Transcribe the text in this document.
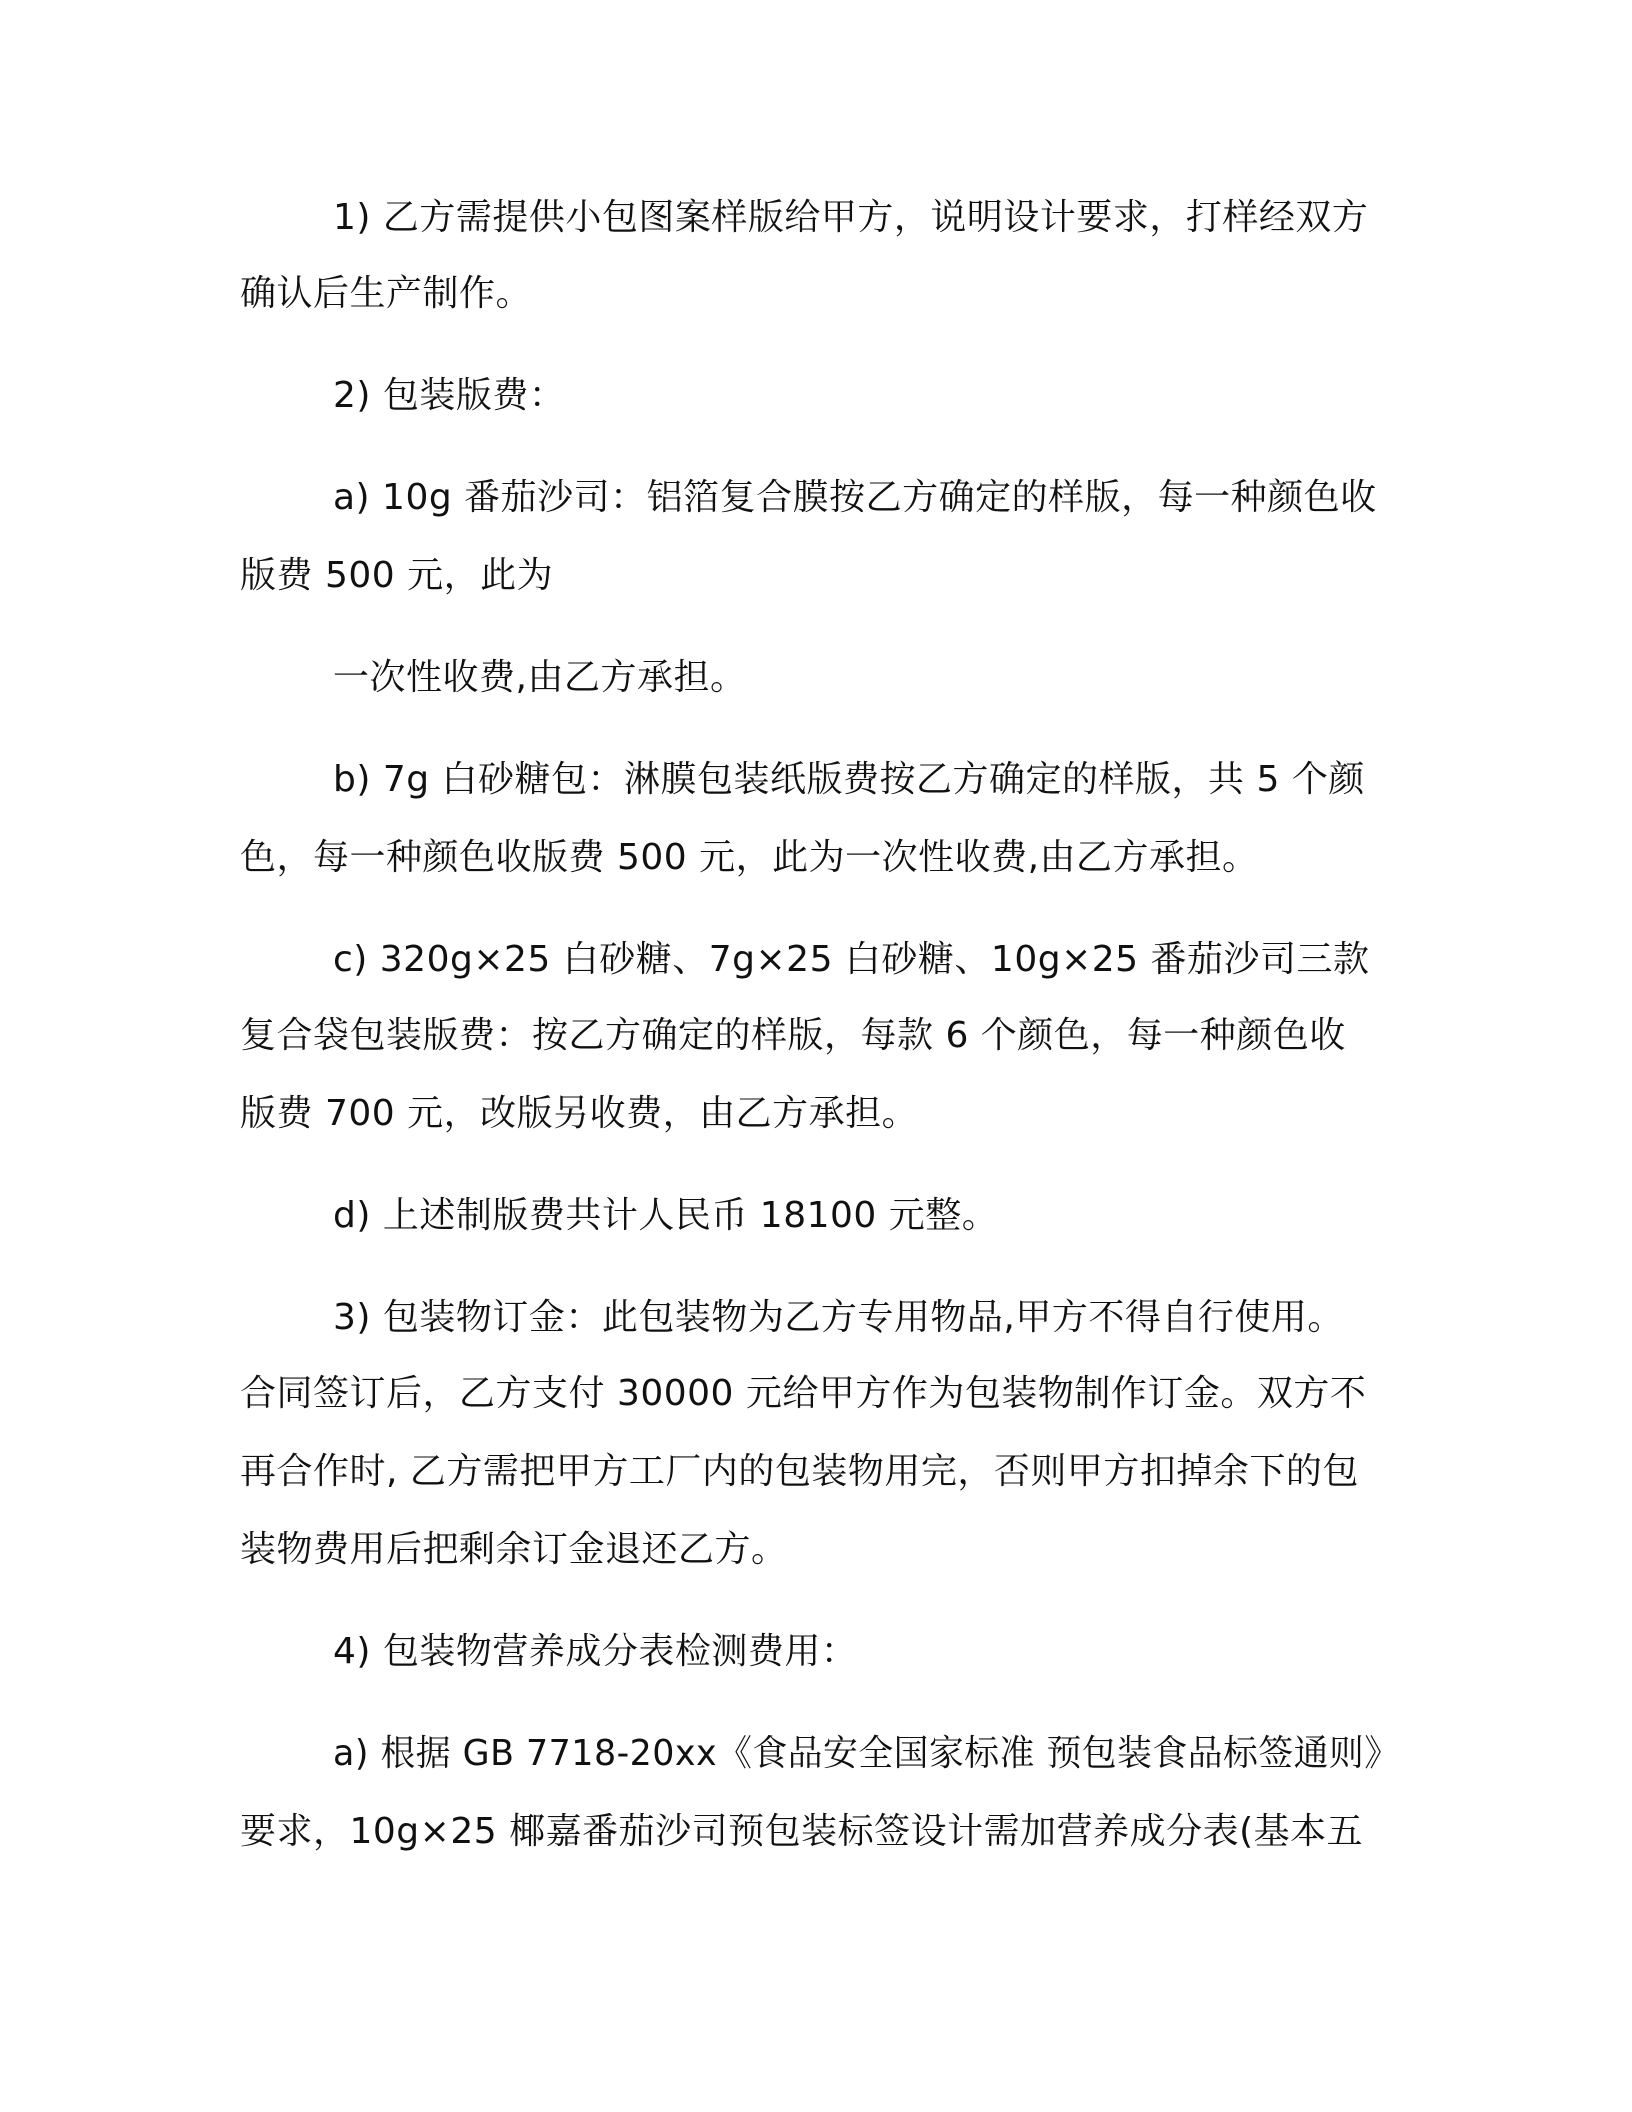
1) 乙方需提供小包图案样版给甲方，说明设计要求，打样经双方
确认后生产制作。
2) 包装版费：
a) 10g 番茄沙司：铝箔复合膜按乙方确定的样版，每一种颜色收
版费 500 元，此为
一次性收费,由乙方承担。
b) 7g 白砂糖包：淋膜包装纸版费按乙方确定的样版，共 5 个颜
色，每一种颜色收版费 500 元，此为一次性收费,由乙方承担。
c) 320g×25 白砂糖、7g×25 白砂糖、10g×25 番茄沙司三款
复合袋包装版费：按乙方确定的样版，每款 6 个颜色，每一种颜色收
版费 700 元，改版另收费，由乙方承担。
d) 上述制版费共计人民币 18100 元整。
3) 包装物订金：此包装物为乙方专用物品,甲方不得自行使用。
合同签订后，乙方支付 30000 元给甲方作为包装物制作订金。双方不
再合作时, 乙方需把甲方工厂内的包装物用完，否则甲方扣掉余下的包
装物费用后把剩余订金退还乙方。
4) 包装物营养成分表检测费用：
a) 根据 GB 7718-20xx《食品安全国家标准 预包装食品标签通则》
要求，10g×25 椰嘉番茄沙司预包装标签设计需加营养成分表(基本五
